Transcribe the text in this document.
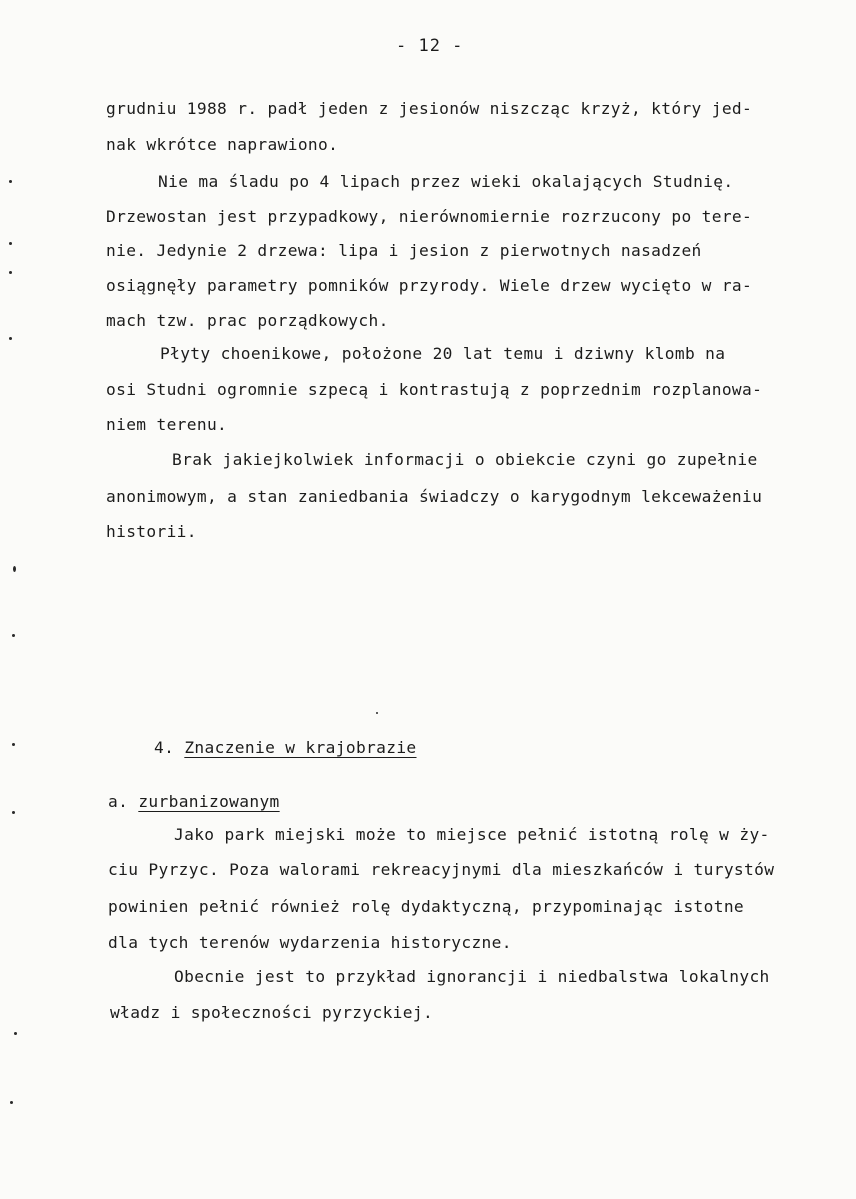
- 12 -
grudniu 1988 r. padł jeden z jesionów niszcząc krzyż, który jed-
nak wkrótce naprawiono.
Nie ma śladu po 4 lipach przez wieki okalających Studnię.
Drzewostan jest przypadkowy, nierównomiernie rozrzucony po tere-
nie. Jedynie 2 drzewa: lipa i jesion z pierwotnych nasadzeń
osiągnęły parametry pomników przyrody. Wiele drzew wycięto w ra-
mach tzw. prac porządkowych.
Płyty choenikowe, położone 20 lat temu i dziwny klomb na
osi Studni ogromnie szpecą i kontrastują z poprzednim rozplanowa-
niem terenu.
Brak jakiejkolwiek informacji o obiekcie czyni go zupełnie
anonimowym, a stan zaniedbania świadczy o karygodnym lekceważeniu
historii.
4. Znaczenie w krajobrazie
a. zurbanizowanym
Jako park miejski może to miejsce pełnić istotną rolę w ży-
ciu Pyrzyc. Poza walorami rekreacyjnymi dla mieszkańców i turystów
powinien pełnić również rolę dydaktyczną, przypominając istotne
dla tych terenów wydarzenia historyczne.
Obecnie jest to przykład ignorancji i niedbalstwa lokalnych
władz i społeczności pyrzyckiej.
